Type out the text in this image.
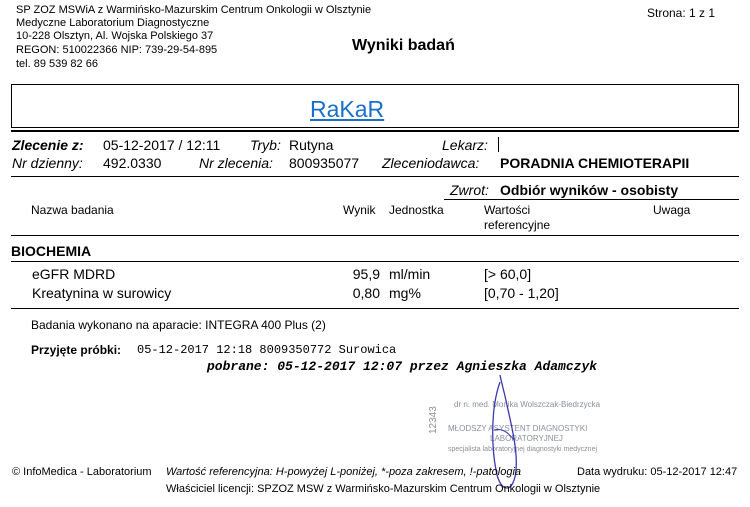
SP ZOZ MSWiA z Warmińsko-Mazurskim Centrum Onkologii w Olsztynie
Medyczne Laboratorium Diagnostyczne
10-228 Olsztyn, Al. Wojska Polskiego 37
REGON: 510022366 NIP: 739-29-54-895
tel. 89 539 82 66
Wyniki badań
Strona: 1 z 1
RaKaR
Zlecenie z: 05-12-2017 / 12:11 Tryb: Rutyna	Lekarz:
Nr dzienny: 492.0330	Nr zlecenia: 800935077 Zleceniodawca: PORADNIA CHEMIOTERAPII
Zwrot: Odbiór wyników - osobisty
Nazwa badania	Wynik Jednostka	Wartości
referencyjne
Uwaga
BIOCHEMIA
eGFR MDRD	95,9 ml/min	[> 60,0]
Kreatynina w surowicy	0,80 mg%	[0,70 - 1,20]
Badania wykonano na aparacie: INTEGRA 400 Plus (2)
Przyjęte próbki: 05-12-2017 12:18 8009350772 Surowica
pobrane: 05-12-2017 12:07 przez Agnieszka Adamczyk
12343
dr n. med. Monika Wolszczak-Biedrzycka
MŁODSZY ASYSTENT DIAGNOSTYKI
LABORATORYJNEJ
specjalista laboratoryjnej diagnostyki medycznej
© InfoMedica - Laboratorium Wartość referencyjna: H-powyżej L-poniżej, *-poza zakresem, !-patologia	Data wydruku: 05-12-2017 12:47
Właściciel licencji: SPZOZ MSW z Warmińsko-Mazurskim Centrum Onkologii w Olsztynie
